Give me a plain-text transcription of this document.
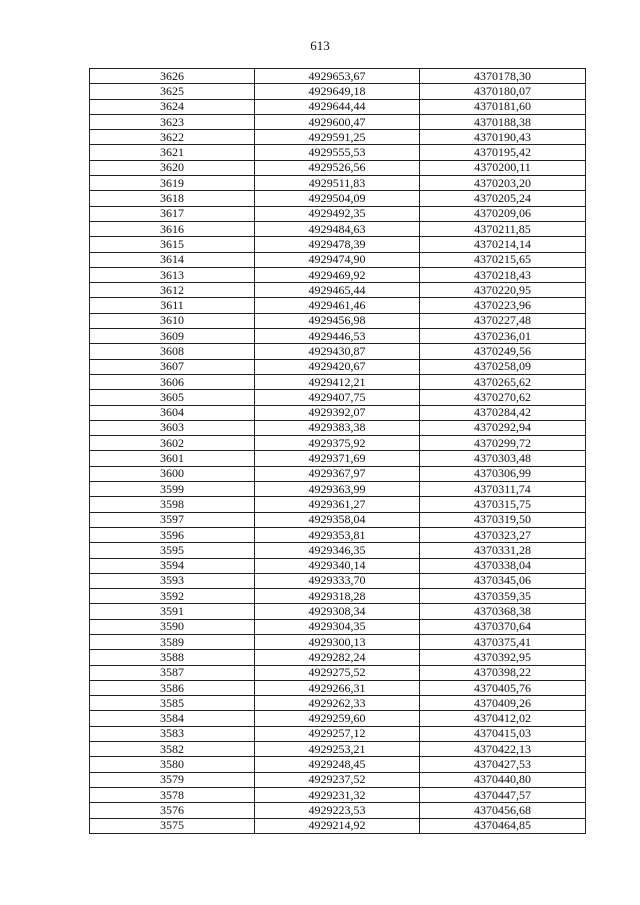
613
3626	4929653,67	4370178,30
3625	4929649,18	4370180,07
3624	4929644,44	4370181,60
3623	4929600,47	4370188,38
3622	4929591,25	4370190,43
3621	4929555,53	4370195,42
3620	4929526,56	4370200,11
3619	4929511,83	4370203,20
3618	4929504,09	4370205,24
3617	4929492,35	4370209,06
3616	4929484,63	4370211,85
3615	4929478,39	4370214,14
3614	4929474,90	4370215,65
3613	4929469,92	4370218,43
3612	4929465,44	4370220,95
3611	4929461,46	4370223,96
3610	4929456,98	4370227,48
3609	4929446,53	4370236,01
3608	4929430,87	4370249,56
3607	4929420,67	4370258,09
3606	4929412,21	4370265,62
3605	4929407,75	4370270,62
3604	4929392,07	4370284,42
3603	4929383,38	4370292,94
3602	4929375,92	4370299,72
3601	4929371,69	4370303,48
3600	4929367,97	4370306,99
3599	4929363,99	4370311,74
3598	4929361,27	4370315,75
3597	4929358,04	4370319,50
3596	4929353,81	4370323,27
3595	4929346,35	4370331,28
3594	4929340,14	4370338,04
3593	4929333,70	4370345,06
3592	4929318,28	4370359,35
3591	4929308,34	4370368,38
3590	4929304,35	4370370,64
3589	4929300,13	4370375,41
3588	4929282,24	4370392,95
3587	4929275,52	4370398,22
3586	4929266,31	4370405,76
3585	4929262,33	4370409,26
3584	4929259,60	4370412,02
3583	4929257,12	4370415,03
3582	4929253,21	4370422,13
3580	4929248,45	4370427,53
3579	4929237,52	4370440,80
3578	4929231,32	4370447,57
3576	4929223,53	4370456,68
3575	4929214,92	4370464,85
